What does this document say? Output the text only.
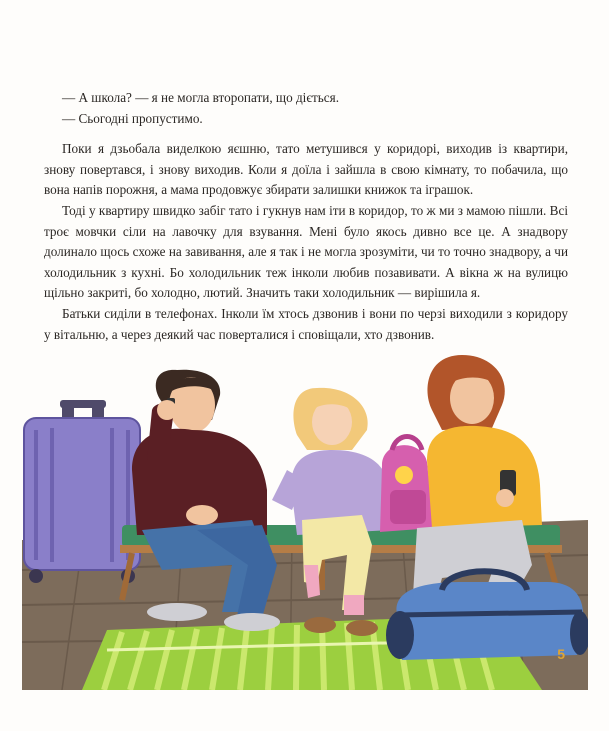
— А школа? — я не могла второпати, що діється.

— Сьогодні пропустимо.

Поки я дзьобала виделкою яєшню, тато метушився у коридорі, виходив із квартири, знову повертався, і знову виходив. Коли я доїла і зайшла в свою кімнату, то побачила, що вона напів порожня, а мама продовжує збирати залишки книжок та іграшок.

Тоді у квартиру швидко забіг тато і гукнув нам іти в коридор, то ж ми з мамою пішли. Всі троє мовчки сіли на лавочку для взування. Мені було якось дивно все це. А знадвору долинало щось схоже на завивання, але я так і не могла зрозуміти, чи то точно знадвору, а чи холодильник з кухні. Бо холодильник теж інколи любив позавивати. А вікна ж на вулицю щільно закриті, бо холодно, лютий. Значить таки холодильник — вирішила я.

Батьки сиділи в телефонах. Інколи їм хтось дзвонив і вони по черзі виходили з коридору у вітальню, а через деякий час поверталися і сповіщали, хто дзвонив.

5
